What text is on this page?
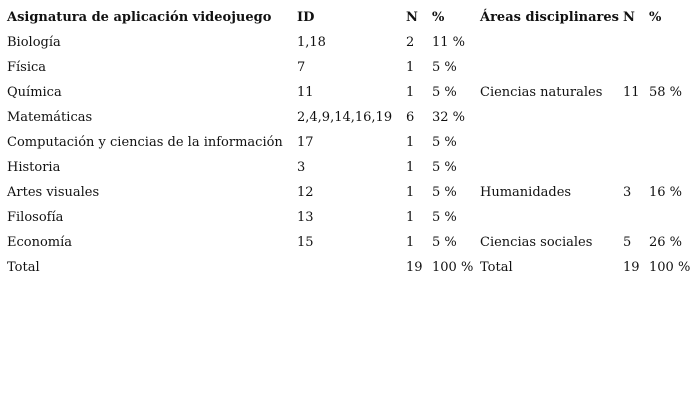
Asignatura de aplicación videojuego ID	N %	Áreas disciplinares N %
Biología	1,18	2 11 %
Física	7	1 5 %
Química	11	1 5 % Ciencias naturales 11 58 %
Matemáticas	2,4,9,14,16,19 6 32 %
Computación y ciencias de la información 17	1 5 %
Historia	3	1 5 %
Artes visuales	12	1 5 % Humanidades	3 16 %
Filosofía	13	1 5 %
Economía	15	1 5 % Ciencias sociales 5 26 %
Total	19 100 % Total	19 100 %
